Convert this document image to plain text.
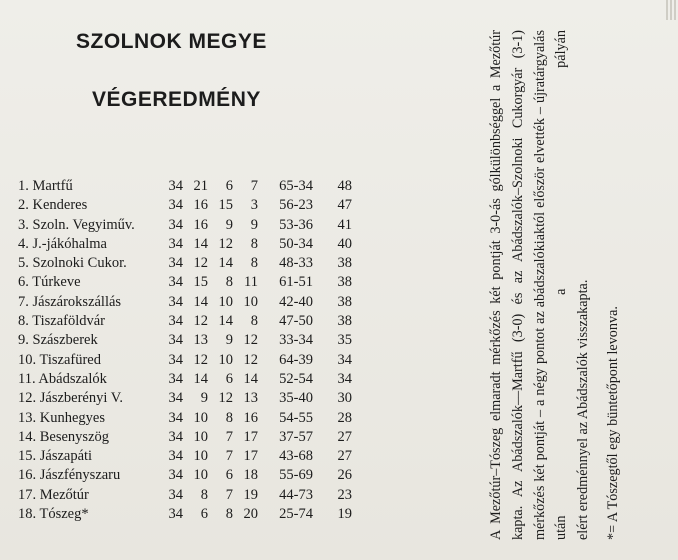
SZOLNOK MEGYE
VÉGEREDMÉNY
1. Martfű	34 21	6	7	65-34	48
2. Kenderes	34 16 15	3	56-23	47
3. Szoln. Vegyiműv.	34 16	9	9	53-36	41
4. J.-jákóhalma	34 14 12	8	50-34	40
5. Szolnoki Cukor.	34 12 14	8	48-33	38
6. Túrkeve	34 15	8 11	61-51	38
7. Jászárokszállás	34 14 10 10	42-40	38
8. Tiszaföldvár	34 12 14	8	47-50	38
9. Szászberek	34 13	9 12	33-34	35
10. Tiszafüred	34 12 10 12	64-39	34
11. Abádszalók	34 14	6 14	52-54	34
12. Jászberényi V.	34	9 12 13	35-40	30
13. Kunhegyes	34 10	8 16	54-55	28
14. Besenyszög	34 10	7 17	37-57	27
15. Jászapáti	34 10	7 17	43-68	27
16. Jászfényszaru	34 10	6 18	55-69	26
17. Mezőtúr	34	8	7 19	44-73	23
18. Tószeg*	34	6	8 20	25-74	19	A Mezőtúr–Tószeg elmaradt mérkőzés két pontját 3-0-ás gólkülönbséggel a Mezőtúr kapta. Az Abádszalók––Martfű (3-0) és az Abádszalók–Szolnoki Cukorgyár (3-1) mérkőzés két pontját – a négy pontot az abádszalókiaktól először elvették – újratárgyalás után a pályán elért eredménnyel az Abádszalók visszakapta. *= A Tószegtől egy büntetőpont levonva.
